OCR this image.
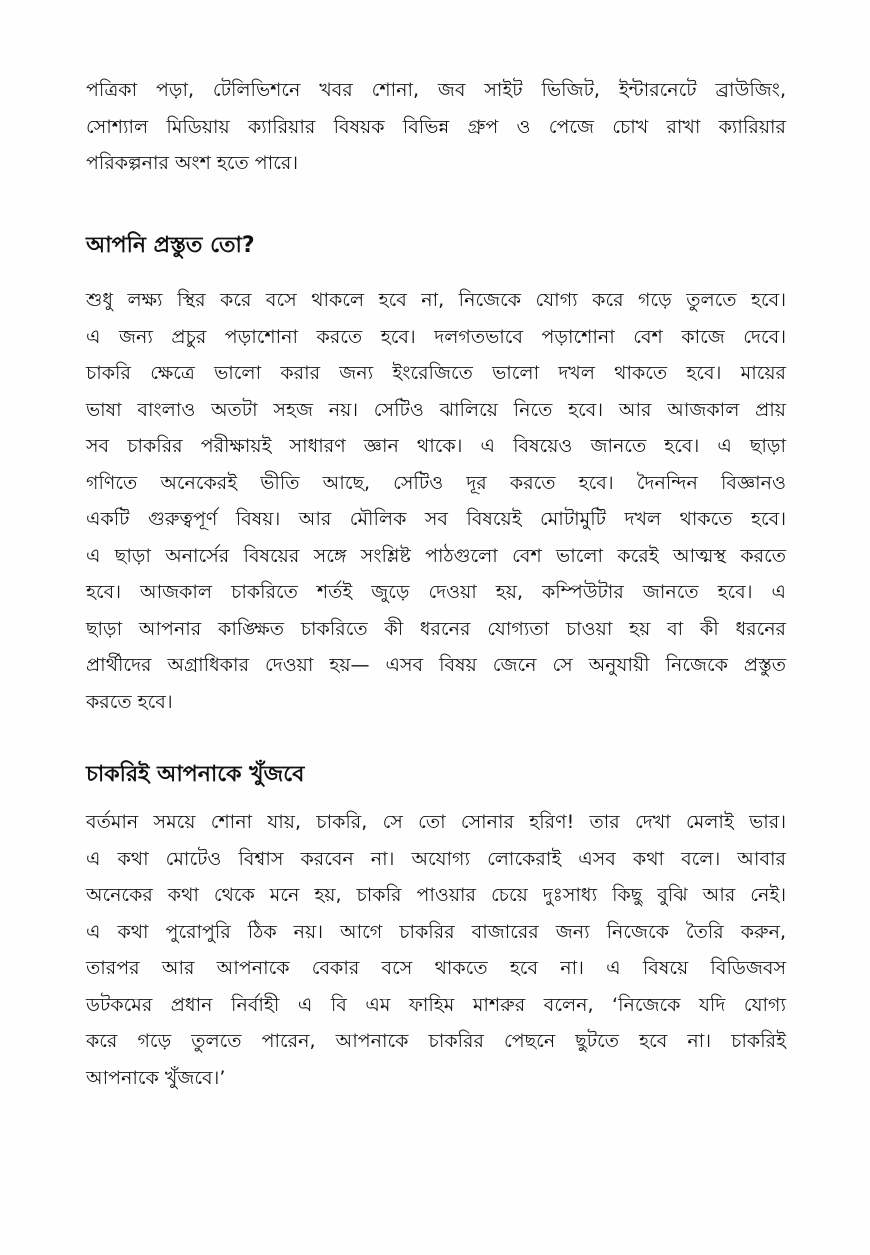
পত্রিকা পড়া, টেলিভিশনে খবর শোনা, জব সাইট ভিজিট, ইন্টারনেটে ব্রাউজিং,
সোশ্যাল মিডিয়ায় ক্যারিয়ার বিষয়ক বিভিন্ন গ্রুপ ও পেজে চোখ রাখা ক্যারিয়ার
পরিকল্পনার অংশ হতে পারে।
আপনি প্রস্তুত তো?
শুধু লক্ষ্য স্থির করে বসে থাকলে হবে না, নিজেকে যোগ্য করে গড়ে তুলতে হবে।
এ জন্য প্রচুর পড়াশোনা করতে হবে। দলগতভাবে পড়াশোনা বেশ কাজে দেবে।
চাকরি ক্ষেত্রে ভালো করার জন্য ইংরেজিতে ভালো দখল থাকতে হবে। মায়ের
ভাষা বাংলাও অতটা সহজ নয়। সেটিও ঝালিয়ে নিতে হবে। আর আজকাল প্রায়
সব চাকরির পরীক্ষায়ই সাধারণ জ্ঞান থাকে। এ বিষয়েও জানতে হবে। এ ছাড়া
গণিতে অনেকেরই ভীতি আছে, সেটিও দূর করতে হবে। দৈনন্দিন বিজ্ঞানও
একটি গুরুত্বপূর্ণ বিষয়। আর মৌলিক সব বিষয়েই মোটামুটি দখল থাকতে হবে।
এ ছাড়া অনার্সের বিষয়ের সঙ্গে সংশ্লিষ্ট পাঠগুলো বেশ ভালো করেই আত্মস্থ করতে
হবে। আজকাল চাকরিতে শর্তই জুড়ে দেওয়া হয়, কম্পিউটার জানতে হবে। এ
ছাড়া আপনার কাঙ্ক্ষিত চাকরিতে কী ধরনের যোগ্যতা চাওয়া হয় বা কী ধরনের
প্রার্থীদের অগ্রাধিকার দেওয়া হয়— এসব বিষয় জেনে সে অনুযায়ী নিজেকে প্রস্তুত
করতে হবে।
চাকরিই আপনাকে খুঁজবে
বর্তমান সময়ে শোনা যায়, চাকরি, সে তো সোনার হরিণ! তার দেখা মেলাই ভার।
এ কথা মোটেও বিশ্বাস করবেন না। অযোগ্য লোকেরাই এসব কথা বলে। আবার
অনেকের কথা থেকে মনে হয়, চাকরি পাওয়ার চেয়ে দুঃসাধ্য কিছু বুঝি আর নেই।
এ কথা পুরোপুরি ঠিক নয়। আগে চাকরির বাজারের জন্য নিজেকে তৈরি করুন,
তারপর আর আপনাকে বেকার বসে থাকতে হবে না। এ বিষয়ে বিডিজবস
ডটকমের প্রধান নির্বাহী এ বি এম ফাহিম মাশরুর বলেন, ‘নিজেকে যদি যোগ্য
করে গড়ে তুলতে পারেন, আপনাকে চাকরির পেছনে ছুটতে হবে না। চাকরিই
আপনাকে খুঁজবে।’
